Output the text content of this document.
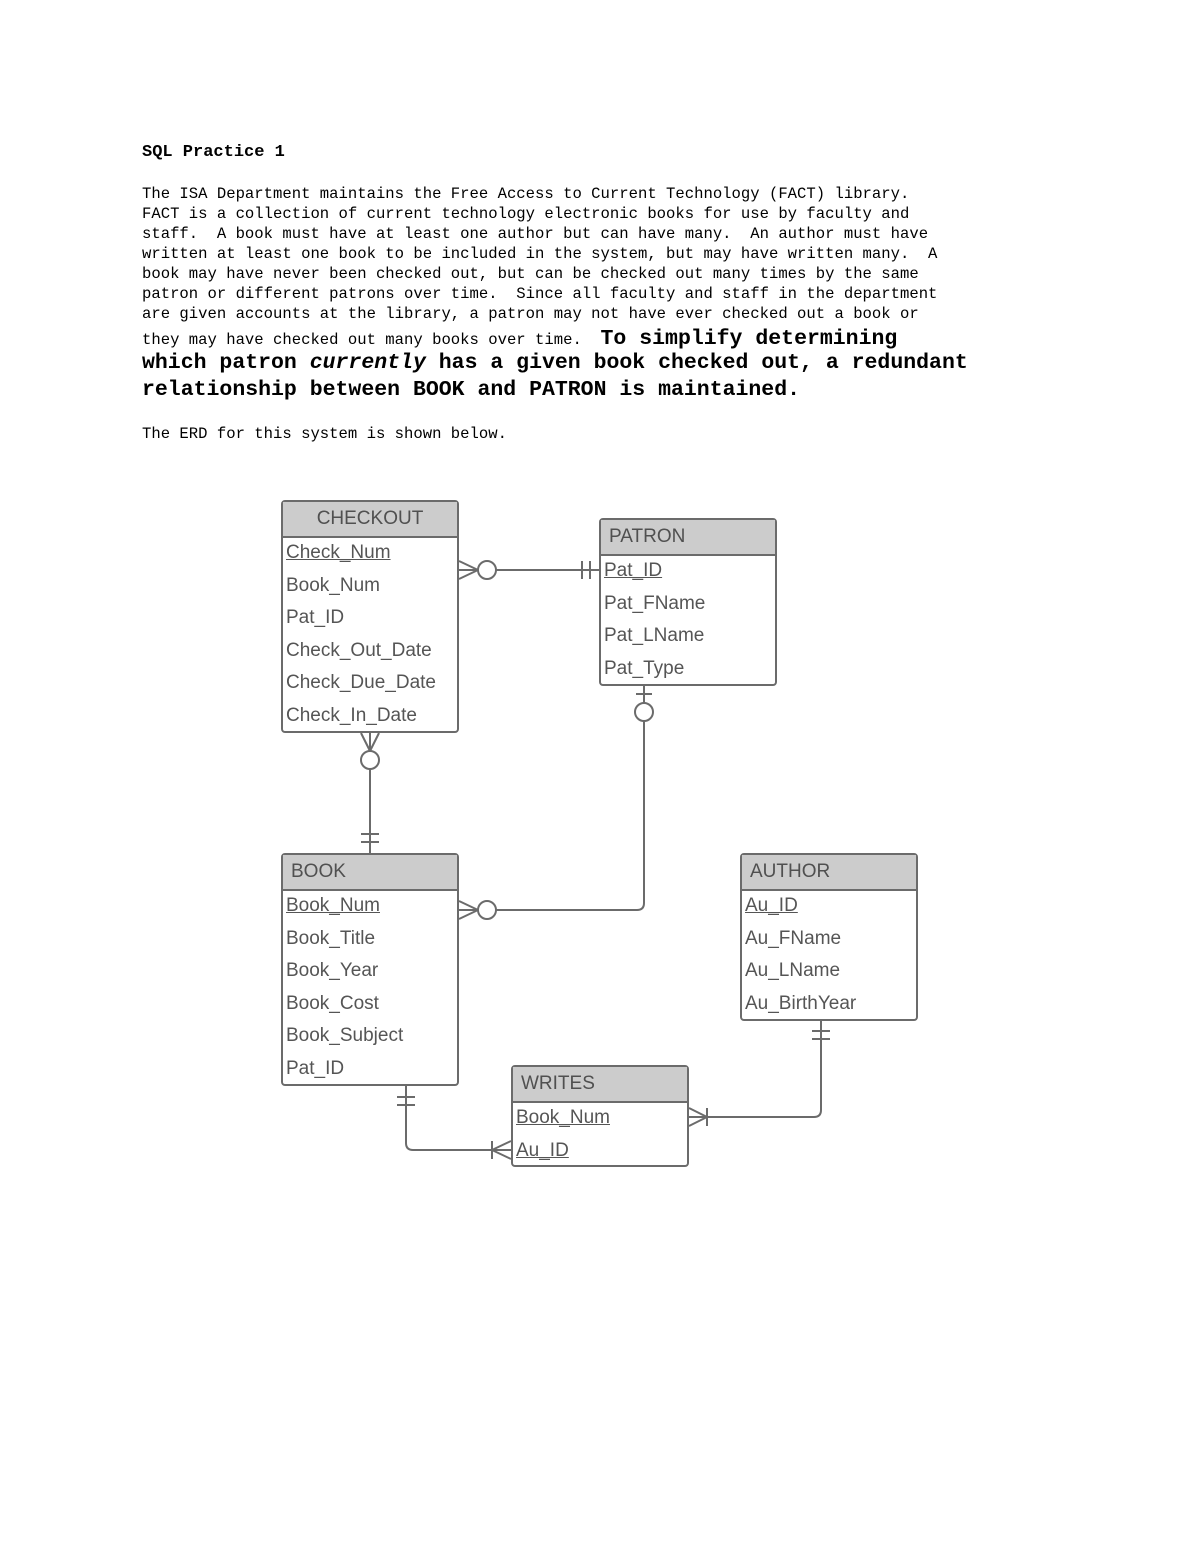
SQL Practice 1
The ISA Department maintains the Free Access to Current Technology (FACT) library.
FACT is a collection of current technology electronic books for use by faculty and
staff.  A book must have at least one author but can have many.  An author must have
written at least one book to be included in the system, but may have written many.  A
book may have never been checked out, but can be checked out many times by the same
patron or different patrons over time.  Since all faculty and staff in the department
are given accounts at the library, a patron may not have ever checked out a book or
they may have checked out many books over time.  To simplify determining
which patron currently has a given book checked out, a redundant
relationship between BOOK and PATRON is maintained.
The ERD for this system is shown below.
CHECKOUT
Check_Num
Book_Num
Pat_ID
Check_Out_Date
Check_Due_Date
Check_In_Date
PATRON
Pat_ID
Pat_FName
Pat_LName
Pat_Type
BOOK
Book_Num
Book_Title
Book_Year
Book_Cost
Book_Subject
Pat_ID
AUTHOR
Au_ID
Au_FName
Au_LName
Au_BirthYear
WRITES
Book_Num
Au_ID
